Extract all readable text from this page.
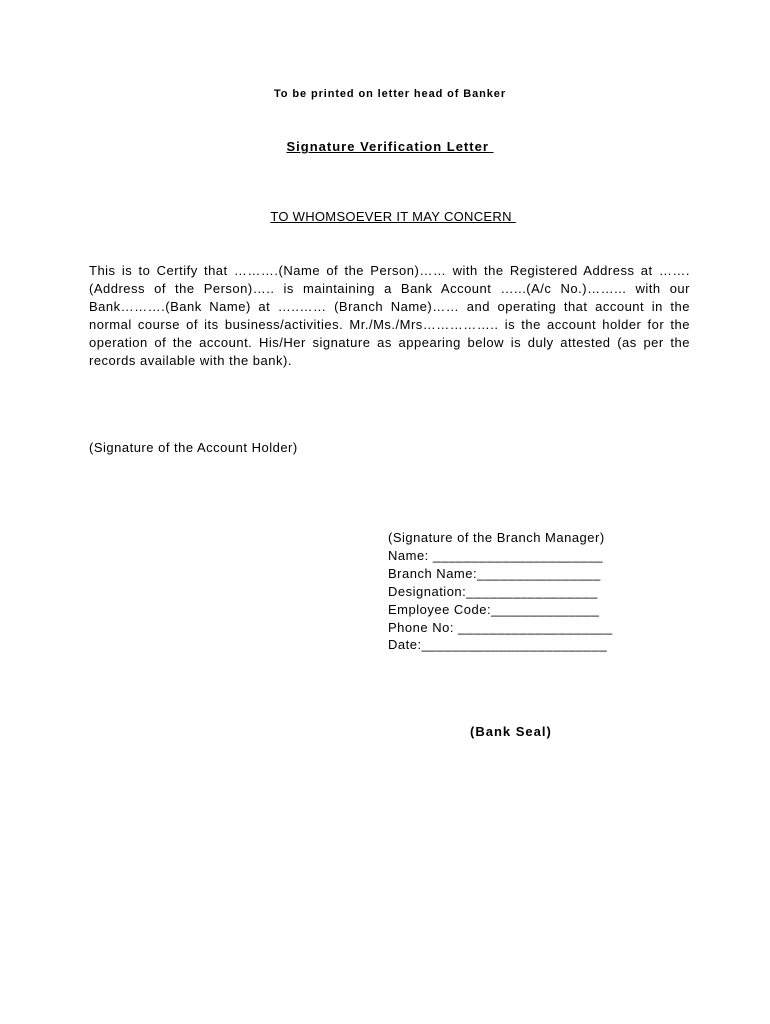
To be printed on letter head of Banker
Signature Verification Letter
TO WHOMSOEVER IT MAY CONCERN

This is to Certify that ……….(Name of the Person)…… with the Registered Address at …….(Address of the Person)….. is maintaining a Bank Account …...(A/c No.)……... with our Bank……….(Bank Name) at …..…… (Branch Name)…… and operating that account in the normal course of its business/activities. Mr./Ms./Mrs…………….. is the account holder for the operation of the account. His/Her signature as appearing below is duly attested (as per the records available with the bank).

(Signature of the Account Holder)
(Signature of the Branch Manager)
Name: ______________________
Branch Name:________________
Designation:_________________
Employee Code:______________
Phone No: ____________________
Date:________________________
(Bank Seal)
